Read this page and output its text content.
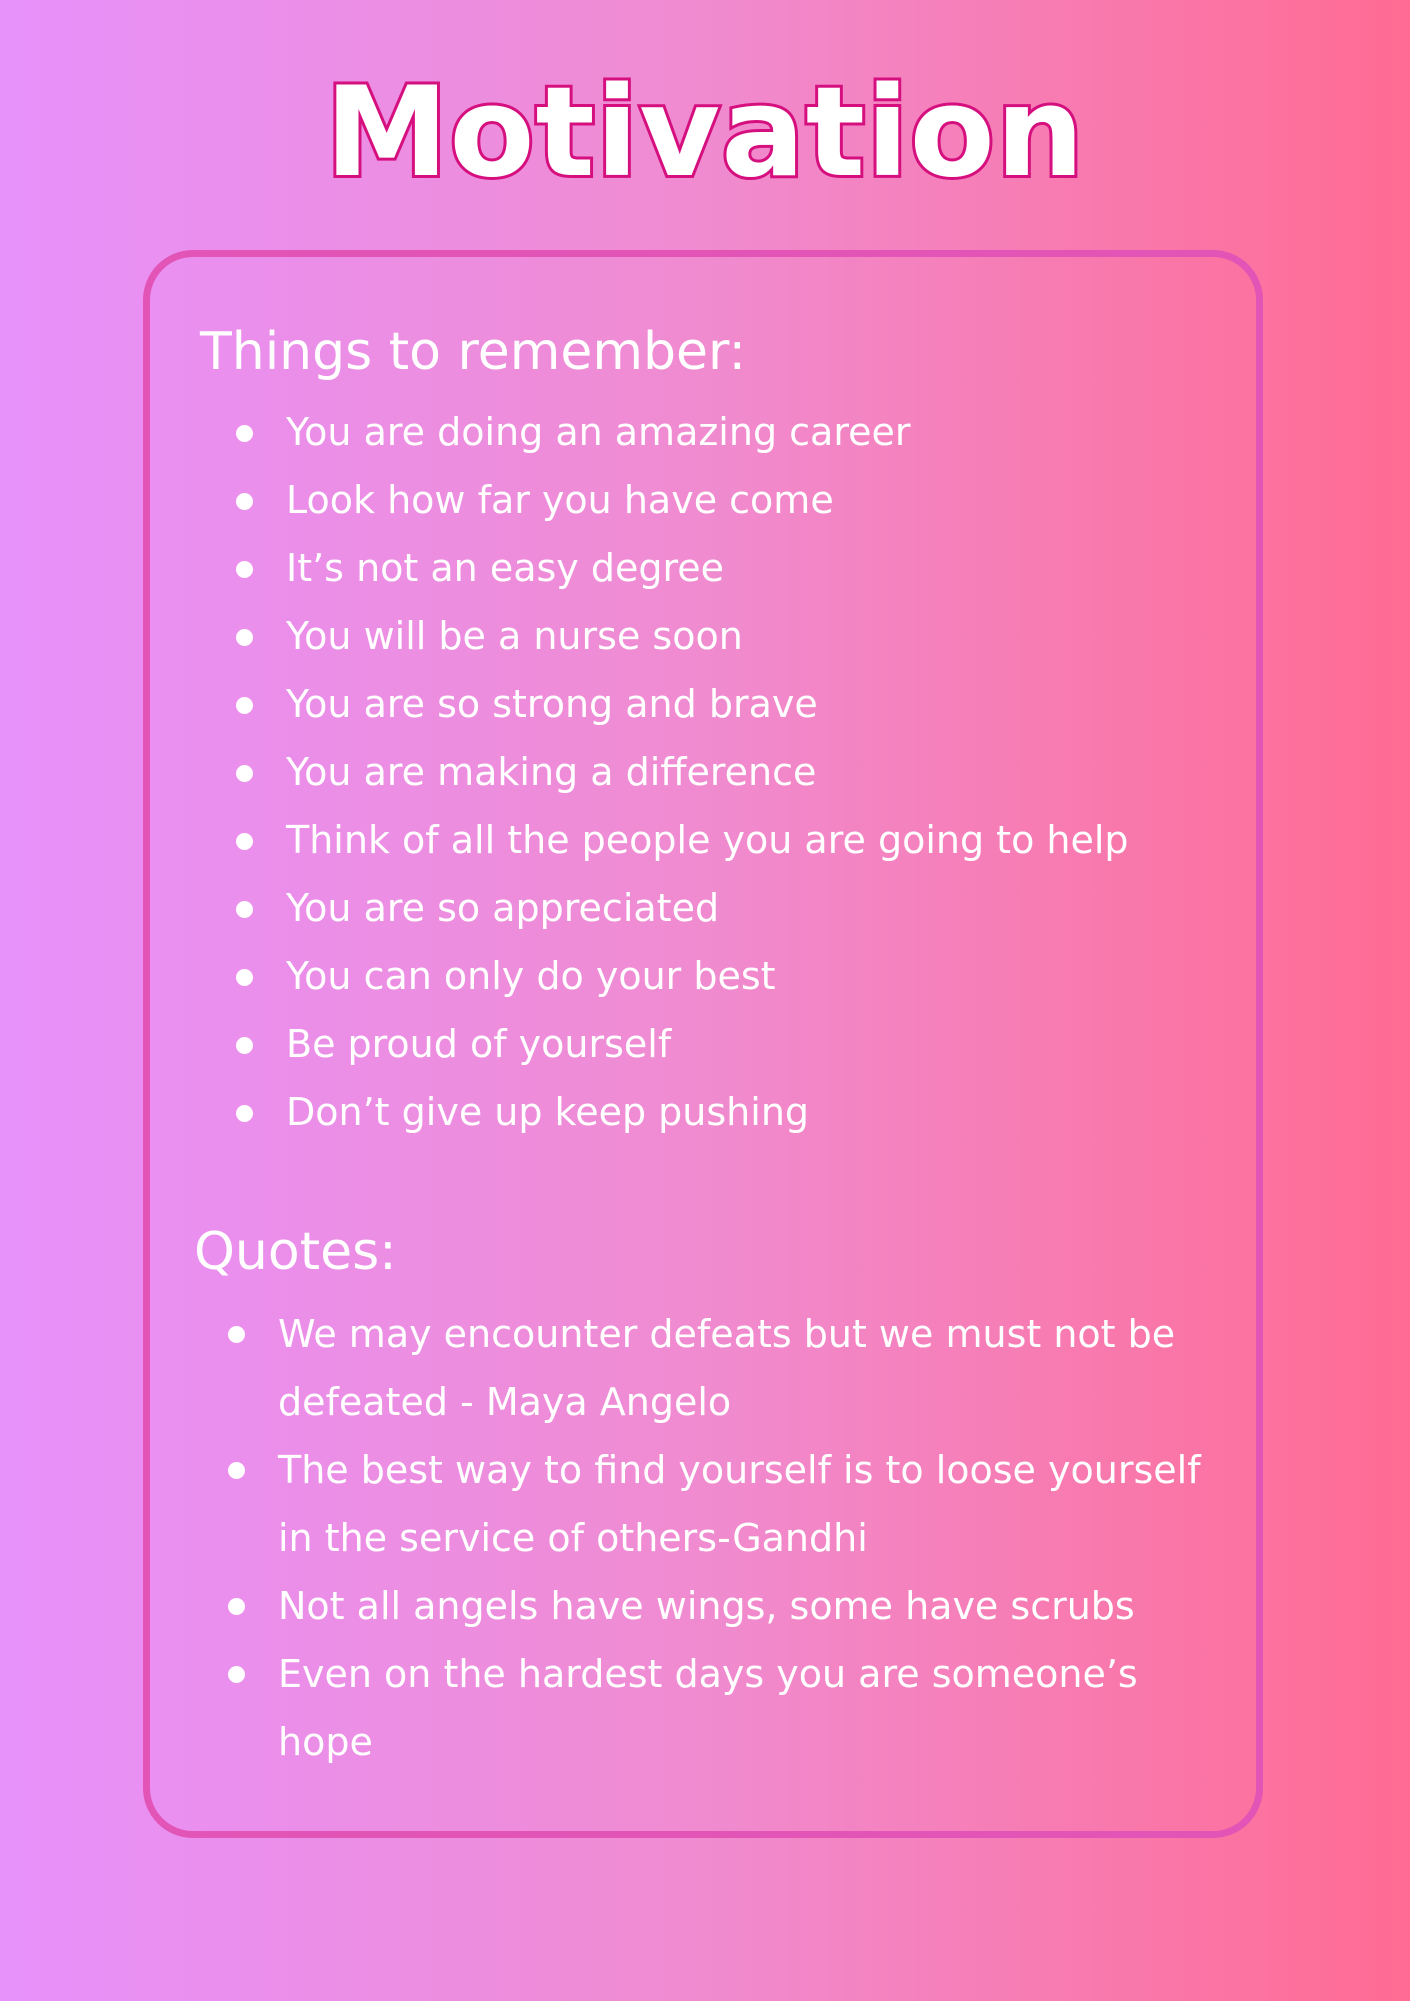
Motivation
Things to remember:
You are doing an amazing career
Look how far you have come
It’s not an easy degree
You will be a nurse soon
You are so strong and brave
You are making a difference
Think of all the people you are going to help
You are so appreciated
You can only do your best
Be proud of yourself
Don’t give up keep pushing
Quotes:
We may encounter defeats but we must not be defeated - Maya Angelo
The best way to find yourself is to loose yourself in the service of others-Gandhi
Not all angels have wings, some have scrubs
Even on the hardest days you are someone’s hope
